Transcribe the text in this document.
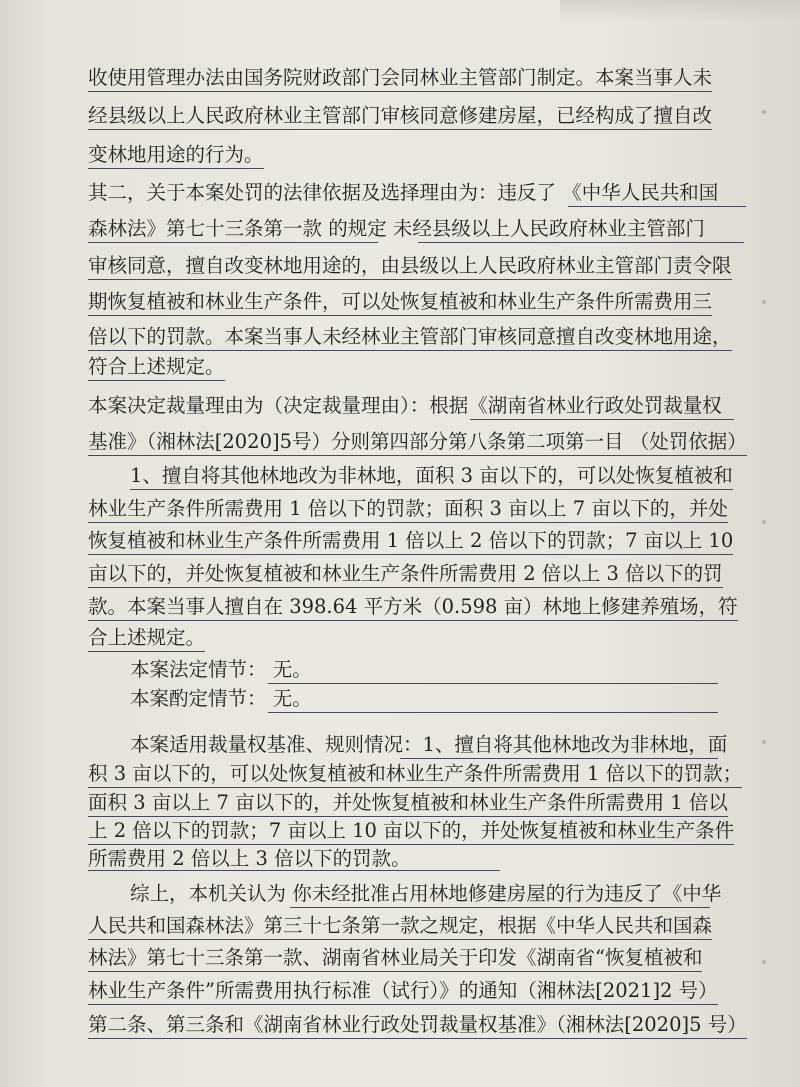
收使用管理办法由国务院财政部门会同林业主管部门制定。本案当事人未
经县级以上人民政府林业主管部门审核同意修建房屋，已经构成了擅自改
变林地用途的行为。
其二，关于本案处罚的法律依据及选择理由为：违反了 《中华人民共和国
森林法》第七十三条第一款 的规定 未经县级以上人民政府林业主管部门
审核同意，擅自改变林地用途的，由县级以上人民政府林业主管部门责令限
期恢复植被和林业生产条件，可以处恢复植被和林业生产条件所需费用三
倍以下的罚款。本案当事人未经林业主管部门审核同意擅自改变林地用途，
符合上述规定。
本案决定裁量理由为（决定裁量理由）：根据《湖南省林业行政处罚裁量权
基准》（湘林法[2020]5号）分则第四部分第八条第二项第一目 （处罚依据）
1、擅自将其他林地改为非林地，面积 3 亩以下的，可以处恢复植被和
林业生产条件所需费用 1 倍以下的罚款；面积 3 亩以上 7 亩以下的，并处
恢复植被和林业生产条件所需费用 1 倍以上 2 倍以下的罚款；7 亩以上 10
亩以下的，并处恢复植被和林业生产条件所需费用 2 倍以上 3 倍以下的罚
款。本案当事人擅自在 398.64 平方米（0.598 亩）林地上修建养殖场，符
合上述规定。
本案法定情节： 无。
本案酌定情节： 无。
本案适用裁量权基准、规则情况：1、擅自将其他林地改为非林地，面
积 3 亩以下的，可以处恢复植被和林业生产条件所需费用 1 倍以下的罚款；
面积 3 亩以上 7 亩以下的，并处恢复植被和林业生产条件所需费用 1 倍以
上 2 倍以下的罚款；7 亩以上 10 亩以下的，并处恢复植被和林业生产条件
所需费用 2 倍以上 3 倍以下的罚款。
综上，本机关认为 你未经批准占用林地修建房屋的行为违反了《中华
人民共和国森林法》第三十七条第一款之规定，根据《中华人民共和国森
林法》第七十三条第一款、湖南省林业局关于印发《湖南省“恢复植被和
林业生产条件”所需费用执行标准（试行）》的通知（湘林法[2021]2 号）
第二条、第三条和《湖南省林业行政处罚裁量权基准》（湘林法[2020]5 号）
